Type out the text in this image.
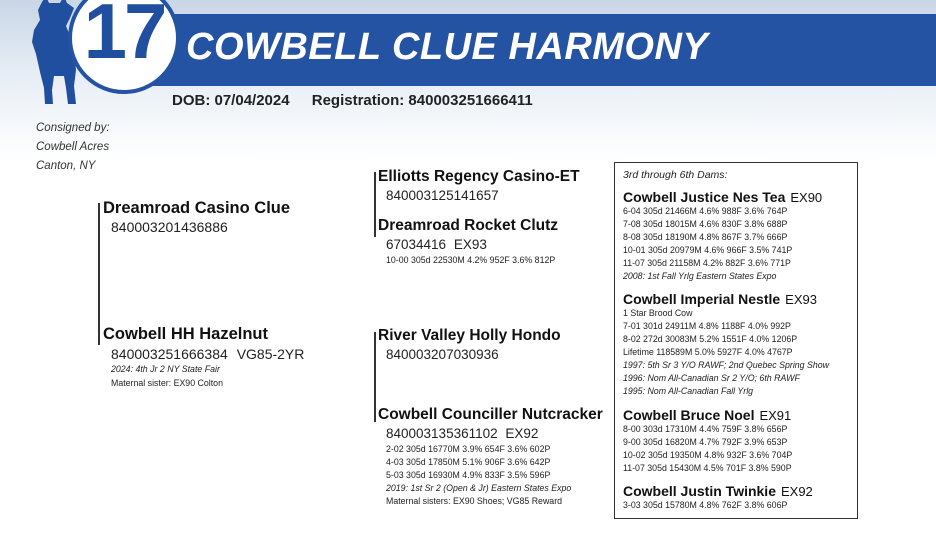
COWBELL CLUE HARMONY
17
DOB: 07/04/2024 Registration: 840003251666411
Consigned by:
Cowbell Acres
Canton, NY
Dreamroad Casino Clue
840003201436886
Elliotts Regency Casino-ET
840003125141657
Dreamroad Rocket Clutz
67034416 EX93
10-00 305d 22530M 4.2% 952F 3.6% 812P
Cowbell HH Hazelnut
840003251666384 VG85-2YR
2024: 4th Jr 2 NY State Fair
Maternal sister: EX90 Colton
River Valley Holly Hondo
840003207030936
Cowbell Counciller Nutcracker
840003135361102 EX92
2-02 305d 16770M 3.9% 654F 3.6% 602P
4-03 305d 17850M 5.1% 906F 3.6% 642P
5-03 305d 16930M 4.9% 833F 3.5% 596P
2019: 1st Sr 2 (Open & Jr) Eastern States Expo
Maternal sisters: EX90 Shoes; VG85 Reward
3rd through 6th Dams:
Cowbell Justice Nes Tea EX90
6-04 305d 21466M 4.6% 988F 3.6% 764P
7-08 305d 18015M 4.6% 830F 3.8% 688P
8-08 305d 18190M 4.8% 867F 3.7% 666P
10-01 305d 20979M 4.6% 966F 3.5% 741P
11-07 305d 21158M 4.2% 882F 3.6% 771P
2008: 1st Fall Yrlg Eastern States Expo
Cowbell Imperial Nestle EX93
1 Star Brood Cow
7-01 301d 24911M 4.8% 1188F 4.0% 992P
8-02 272d 30083M 5.2% 1551F 4.0% 1206P
Lifetime 118589M 5.0% 5927F 4.0% 4767P
1997: 5th Sr 3 Y/O RAWF; 2nd Quebec Spring Show
1996: Nom All-Canadian Sr 2 Y/O; 6th RAWF
1995: Nom All-Canadian Fall Yrlg
Cowbell Bruce Noel EX91
8-00 303d 17310M 4.4% 759F 3.8% 656P
9-00 305d 16820M 4.7% 792F 3.9% 653P
10-02 305d 19350M 4.8% 932F 3.6% 704P
11-07 305d 15430M 4.5% 701F 3.8% 590P
Cowbell Justin Twinkie EX92
3-03 305d 15780M 4.8% 762F 3.8% 606P
